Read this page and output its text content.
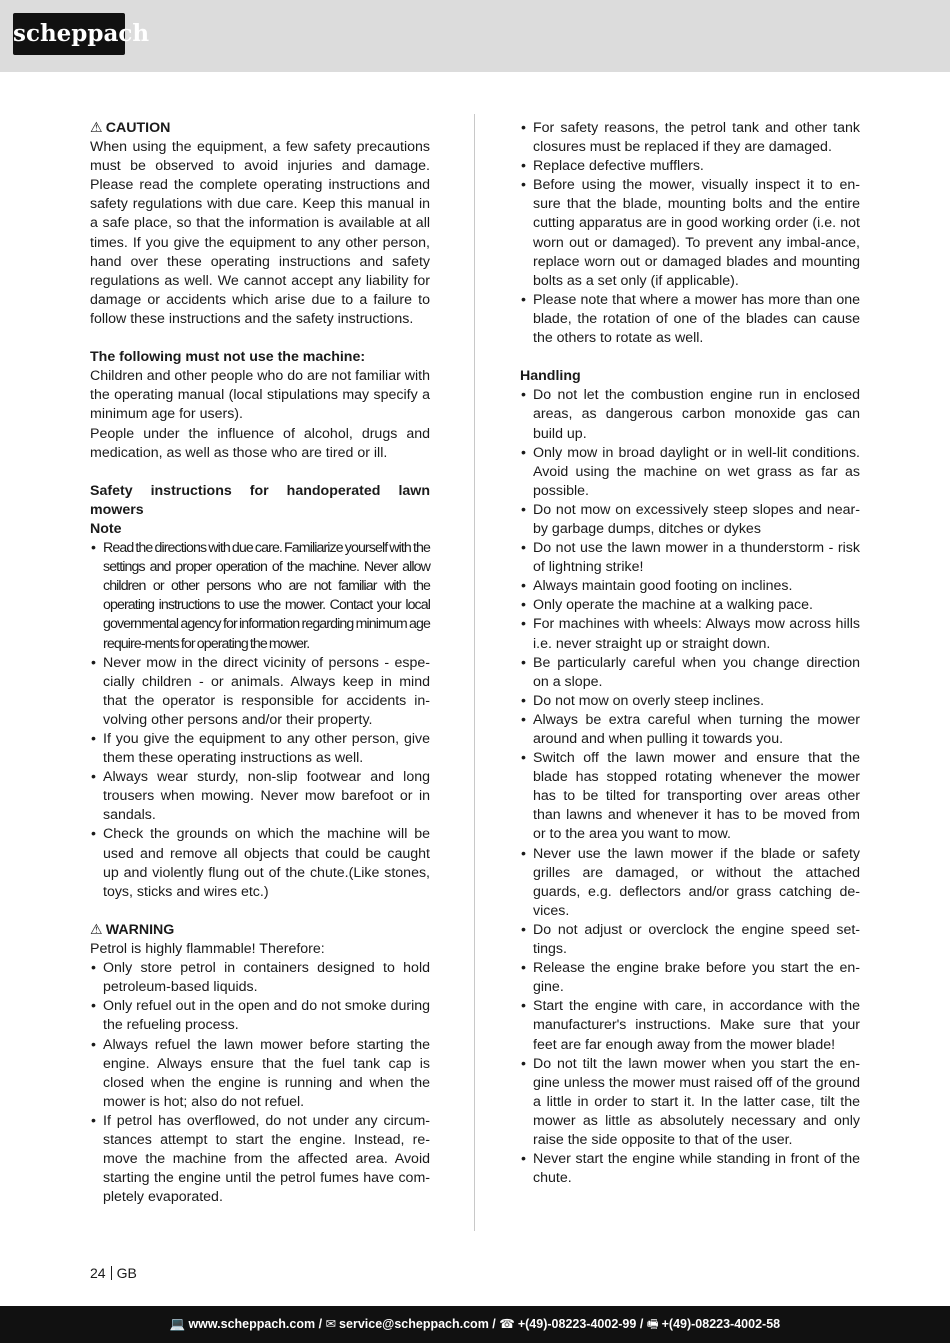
scheppach

⚠ CAUTION

When using the equipment, a few safety precautions must be observed to avoid injuries and damage. Please read the complete operating instructions and safety regulations with due care. Keep this manual in a safe place, so that the information is available at all times. If you give the equipment to any other person, hand over these operating instructions and safety regulations as well. We cannot accept any liability for damage or accidents which arise due to a failure to follow these instructions and the safety instructions.

The following must not use the machine:

Children and other people who do are not familiar with the operating manual (local stipulations may specify a minimum age for users).

People under the influence of alcohol, drugs and medication, as well as those who are tired or ill.

Safety instructions for handoperated lawn mowers

Note

• Read the directions with due care. Familiarize yourself with the settings and proper operation of the machine. Never allow children or other persons who are not familiar with the operating instructions to use the mower. Contact your local governmental agency for information regarding minimum age require-ments for operating the mower.
• Never mow in the direct vicinity of persons - espe-cially children - or animals. Always keep in mind that the operator is responsible for accidents in-volving other persons and/or their property.
• If you give the equipment to any other person, give them these operating instructions as well.
• Always wear sturdy, non-slip footwear and long trousers when mowing. Never mow barefoot or in sandals.
• Check the grounds on which the machine will be used and remove all objects that could be caught up and violently flung out of the chute.(Like stones, toys, sticks and wires etc.)

⚠ WARNING

Petrol is highly flammable! Therefore:

• Only store petrol in containers designed to hold petroleum-based liquids.
• Only refuel out in the open and do not smoke during the refueling process.
• Always refuel the lawn mower before starting the engine. Always ensure that the fuel tank cap is closed when the engine is running and when the mower is hot; also do not refuel.
• If petrol has overflowed, do not under any circum-stances attempt to start the engine. Instead, re-move the machine from the affected area. Avoid starting the engine until the petrol fumes have com-pletely evaporated.
• For safety reasons, the petrol tank and other tank closures must be replaced if they are damaged.
• Replace defective mufflers.
• Before using the mower, visually inspect it to en-sure that the blade, mounting bolts and the entire cutting apparatus are in good working order (i.e. not worn out or damaged). To prevent any imbal-ance, replace worn out or damaged blades and mounting bolts as a set only (if applicable).
• Please note that where a mower has more than one blade, the rotation of one of the blades can cause the others to rotate as well.

Handling

• Do not let the combustion engine run in enclosed areas, as dangerous carbon monoxide gas can build up.
• Only mow in broad daylight or in well-lit conditions. Avoid using the machine on wet grass as far as possible.
• Do not mow on excessively steep slopes and near-by garbage dumps, ditches or dykes
• Do not use the lawn mower in a thunderstorm - risk of lightning strike!
• Always maintain good footing on inclines.
• Only operate the machine at a walking pace.
• For machines with wheels: Always mow across hills i.e. never straight up or straight down.
• Be particularly careful when you change direction on a slope.
• Do not mow on overly steep inclines.
• Always be extra careful when turning the mower around and when pulling it towards you.
• Switch off the lawn mower and ensure that the blade has stopped rotating whenever the mower has to be tilted for transporting over areas other than lawns and whenever it has to be moved from or to the area you want to mow.
• Never use the lawn mower if the blade or safety grilles are damaged, or without the attached guards, e.g. deflectors and/or grass catching de-vices.
• Do not adjust or overclock the engine speed set-tings.
• Release the engine brake before you start the en-gine.
• Start the engine with care, in accordance with the manufacturer's instructions. Make sure that your feet are far enough away from the mower blade!
• Do not tilt the lawn mower when you start the en-gine unless the mower must raised off of the ground a little in order to start it. In the latter case, tilt the mower as little as absolutely necessary and only raise the side opposite to that of the user.
• Never start the engine while standing in front of the chute.
24 GB
💻 www.scheppach.com / ✉ service@scheppach.com / ☎ +(49)-08223-4002-99 / 🖷 +(49)-08223-4002-58
